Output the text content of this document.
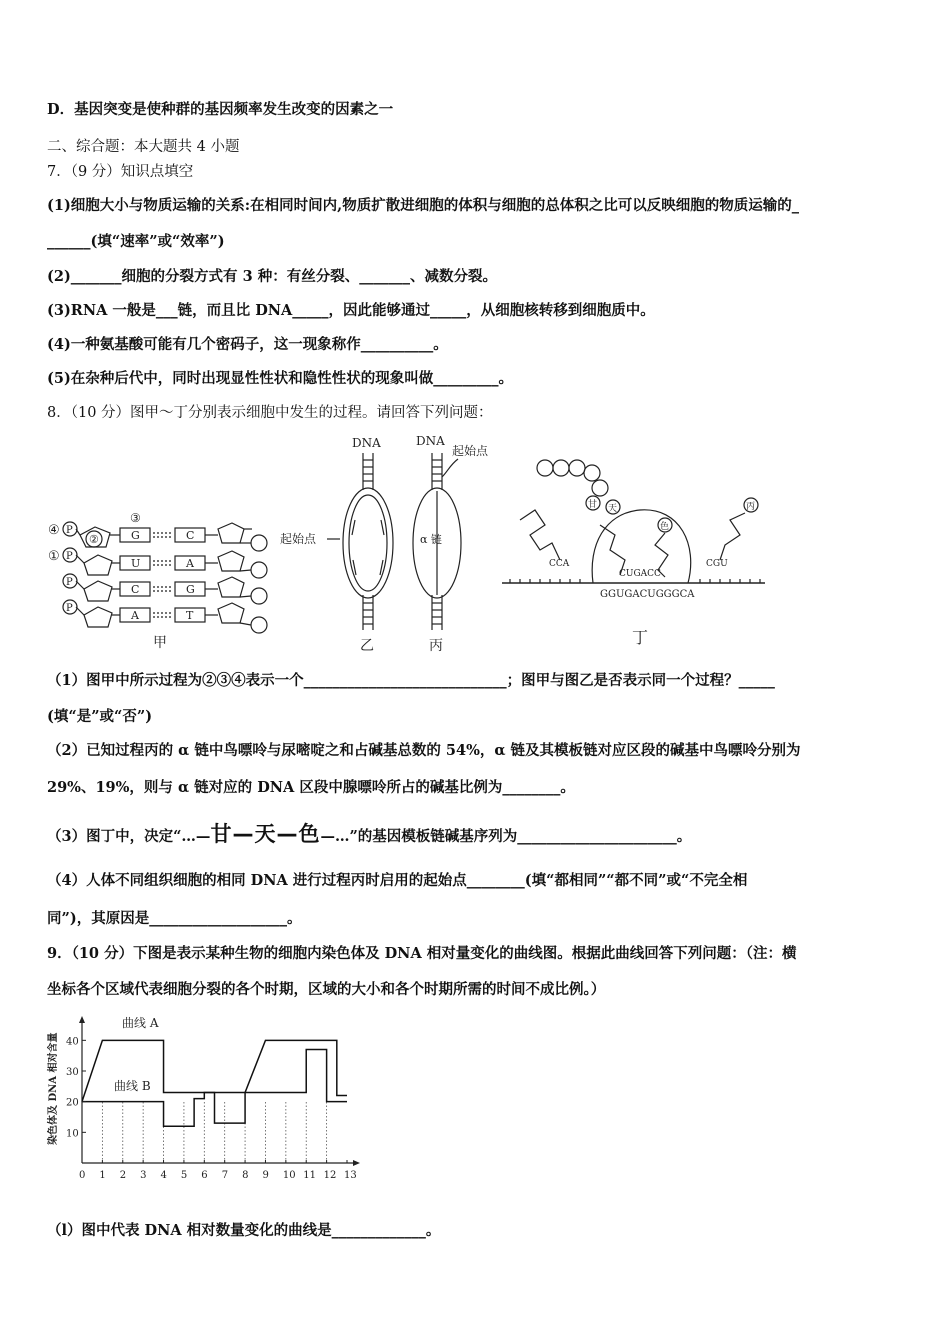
D．基因突变是使种群的基因频率发生改变的因素之一
二、综合题：本大题共 4 小题
7．（9 分）知识点填空
(1)细胞大小与物质运输的关系:在相同时间内,物质扩散进细胞的体积与细胞的总体积之比可以反映细胞的物质运输的_
______(填“速率”或“效率”)
(2)_______细胞的分裂方式有 3 种：有丝分裂、_______、减数分裂。
(3)RNA 一般是___链，而且比 DNA_____，因此能够通过_____，从细胞核转移到细胞质中。
(4)一种氨基酸可能有几个密码子，这一现象称作__________。
(5)在杂种后代中，同时出现显性性状和隐性性状的现象叫做_________。
8．（10 分）图甲～丁分别表示细胞中发生的过程。请回答下列问题：
④ P
① P
P
P
③
②	G
U
C
A
C
A
G
T
甲
DNA
起始点
乙
DNA
起始点
α 链
丙
甘 天
色
丙
CCA
CUGACC
CGU
GGUGACUGGGCA
丁
（1）图甲中所示过程为②③④表示一个____________________________；图甲与图乙是否表示同一个过程？_____
(填“是”或“否”)
（2）已知过程丙的 α 链中鸟嘌呤与尿嘧啶之和占碱基总数的 54%，α 链及其模板链对应区段的碱基中鸟嘌呤分别为
29%、19%，则与 α 链对应的 DNA 区段中腺嘌呤所占的碱基比例为________。
（3）图丁中，决定“…—甘—天—色—…”的基因模板链碱基序列为______________________。
（4）人体不同组织细胞的相同 DNA 进行过程丙时启用的起始点________(填“都相同”“都不同”或“不完全相
同”)，其原因是___________________。
9．（10 分）下图是表示某种生物的细胞内染色体及 DNA 相对量变化的曲线图。根据此曲线回答下列问题：（注：横
坐标各个区域代表细胞分裂的各个时期，区域的大小和各个时期所需的时间不成比例。）
染色体及 DNA 相对含量
0 1 2 3 4 5 6 7 8 9 10 11 12 13
10
20
30
40
曲线 A
曲线 B
（l）图中代表 DNA 相对数量变化的曲线是_____________。
